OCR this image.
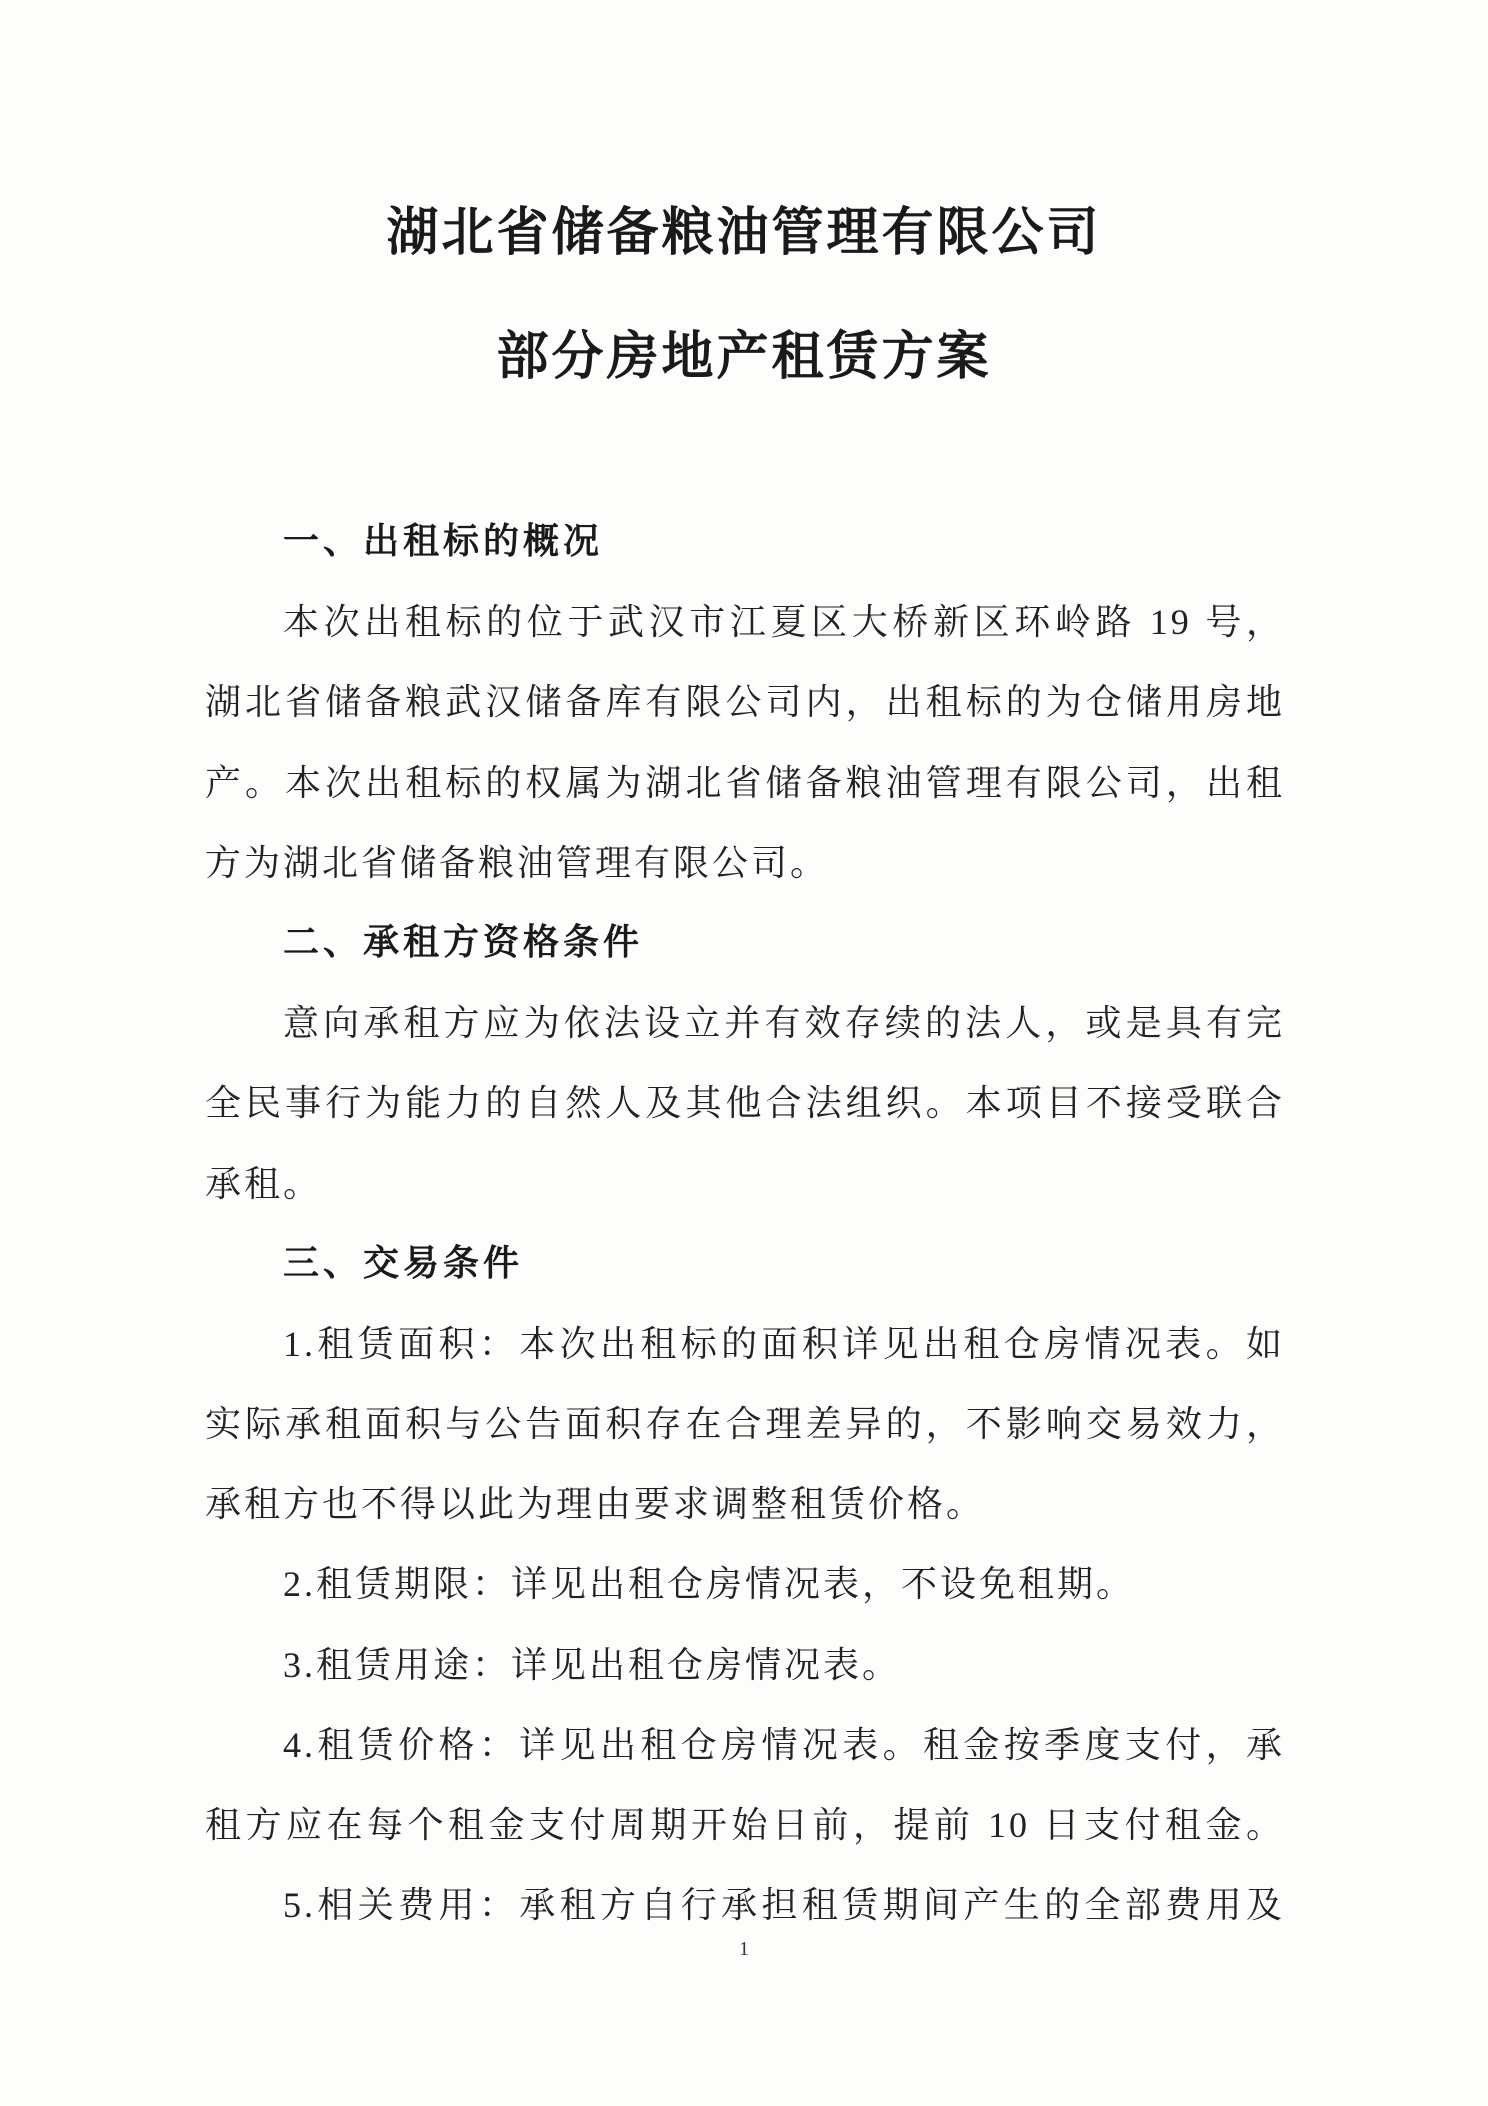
湖北省储备粮油管理有限公司
部分房地产租赁方案
一、出租标的概况
本次出租标的位于武汉市江夏区大桥新区环岭路 19 号，
湖北省储备粮武汉储备库有限公司内，出租标的为仓储用房地
产。本次出租标的权属为湖北省储备粮油管理有限公司，出租
方为湖北省储备粮油管理有限公司。
二、承租方资格条件
意向承租方应为依法设立并有效存续的法人，或是具有完
全民事行为能力的自然人及其他合法组织。本项目不接受联合
承租。
三、交易条件
1.租赁面积：本次出租标的面积详见出租仓房情况表。如
实际承租面积与公告面积存在合理差异的，不影响交易效力，
承租方也不得以此为理由要求调整租赁价格。
2.租赁期限：详见出租仓房情况表，不设免租期。
3.租赁用途：详见出租仓房情况表。
4.租赁价格：详见出租仓房情况表。租金按季度支付，承
租方应在每个租金支付周期开始日前，提前 10 日支付租金。
5.相关费用：承租方自行承担租赁期间产生的全部费用及
1
